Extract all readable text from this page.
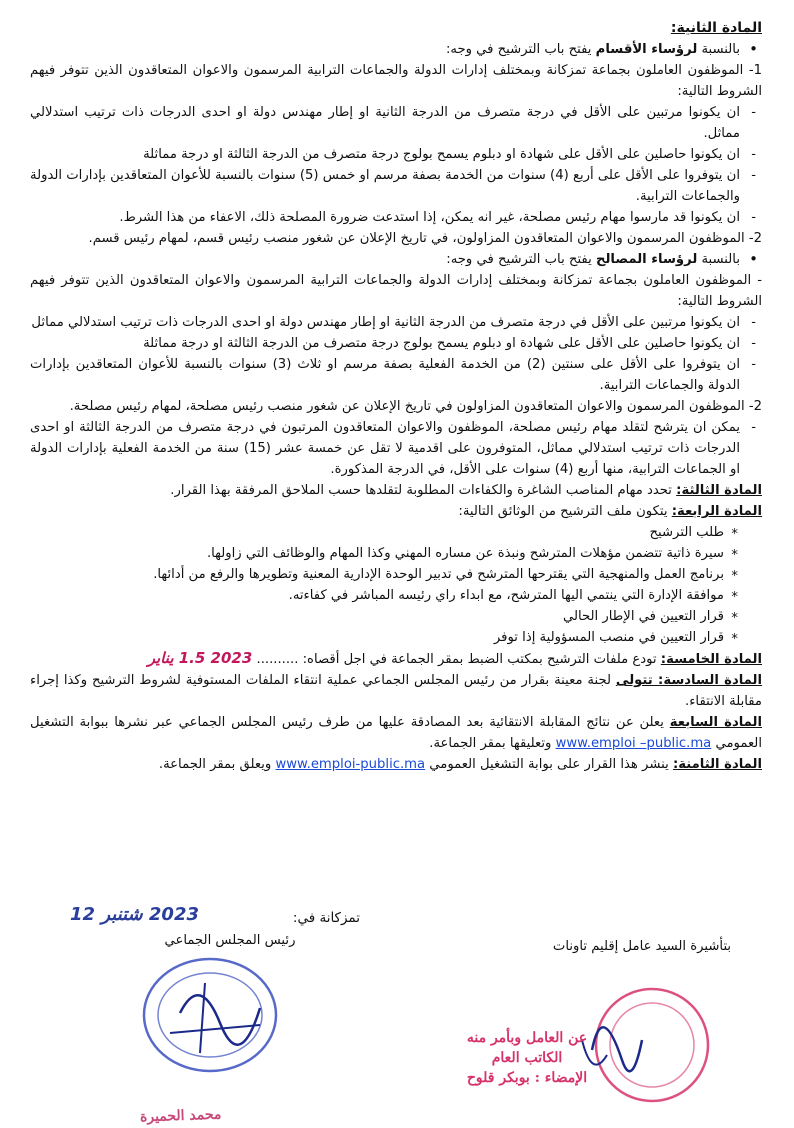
المادة الثانية:

• بالنسبة لرؤساء الأقسام يفتح باب الترشيح في وجه:

1- الموظفون العاملون بجماعة تمزكانة وبمختلف إدارات الدولة والجماعات الترابية المرسمون والاعوان المتعاقدون الذين تتوفر فيهم الشروط التالية:

- ان يكونوا مرتبين على الأقل في درجة متصرف من الدرجة الثانية او إطار مهندس دولة او احدى الدرجات ذات ترتيب استدلالي مماثل.

- ان يكونوا حاصلين على الأقل على شهادة او دبلوم يسمح بولوج درجة متصرف من الدرجة الثالثة او درجة مماثلة

- ان يتوفروا على الأقل على أربع (4) سنوات من الخدمة بصفة مرسم او خمس (5) سنوات بالنسبة للأعوان المتعاقدين بإدارات الدولة والجماعات الترابية.

- ان يكونوا قد مارسوا مهام رئيس مصلحة، غير انه يمكن، إذا استدعت ضرورة المصلحة ذلك، الاعفاء من هذا الشرط.

2- الموظفون المرسمون والاعوان المتعاقدون المزاولون، في تاريخ الإعلان عن شغور منصب رئيس قسم، لمهام رئيس قسم.

• بالنسبة لرؤساء المصالح يفتح باب الترشيح في وجه:

- الموظفون العاملون بجماعة تمزكانة وبمختلف إدارات الدولة والجماعات الترابية المرسمون والاعوان المتعاقدون الذين تتوفر فيهم الشروط التالية:

- ان يكونوا مرتبين على الأقل في درجة متصرف من الدرجة الثانية او إطار مهندس دولة او احدى الدرجات ذات ترتيب استدلالي مماثل

- ان يكونوا حاصلين على الأقل على شهادة او دبلوم يسمح بولوج درجة متصرف من الدرجة الثالثة او درجة مماثلة

- ان يتوفروا على الأقل على سنتين (2) من الخدمة الفعلية بصفة مرسم او ثلاث (3) سنوات بالنسبة للأعوان المتعاقدين بإدارات الدولة والجماعات الترابية.

2- الموظفون المرسمون والاعوان المتعاقدون المزاولون في تاريخ الإعلان عن شغور منصب رئيس مصلحة، لمهام رئيس مصلحة.

- يمكن ان يترشح لتقلد مهام رئيس مصلحة، الموظفون والاعوان المتعاقدون المرتبون في درجة متصرف من الدرجة الثالثة او احدى الدرجات ذات ترتيب استدلالي مماثل، المتوفرون على اقدمية لا تقل عن خمسة عشر (15) سنة من الخدمة الفعلية بإدارات الدولة او الجماعات الترابية، منها أربع (4) سنوات على الأقل، في الدرجة المذكورة.

المادة الثالثة: تحدد مهام المناصب الشاغرة والكفاءات المطلوبة لتقلدها حسب الملاحق المرفقة بهذا القرار.

المادة الرابعة: يتكون ملف الترشيح من الوثائق التالية:

* طلب الترشيح

* سيرة ذاتية تتضمن مؤهلات المترشح ونبذة عن مساره المهني وكذا المهام والوظائف التي زاولها.

* برنامج العمل والمنهجية التي يقترحها المترشح في تدبير الوحدة الإدارية المعنية وتطويرها والرفع من أدائها.

* موافقة الإدارة التي ينتمي اليها المترشح، مع ابداء راي رئيسه المباشر في كفاءته.

* قرار التعيين في الإطار الحالي

* قرار التعيين في منصب المسؤولية إذا توفر

المادة الخامسة: تودع ملفات الترشيح بمكتب الضبط بمقر الجماعة في اجل أقصاه: .......... 2023 1.5 يناير

المادة السادسة: تتولى لجنة معينة بقرار من رئيس المجلس الجماعي عملية انتقاء الملفات المستوفية لشروط الترشيح وكذا إجراء مقابلة الانتقاء.

المادة السابعة يعلن عن نتائج المقابلة الانتقائية بعد المصادقة عليها من طرف رئيس المجلس الجماعي عبر نشرها ببوابة التشغيل العمومي www.emploi –public.ma وتعليقها بمقر الجماعة.

المادة الثامنة: ينشر هذا القرار على بوابة التشغيل العمومي www.emploi-public.ma ويعلق بمقر الجماعة.

تمزكانة في:
2023 شتنبر 12
رئيس المجلس الجماعي	بتأشيرة السيد عامل إقليم تاونات
محمد الحميرة
عن العامل وبأمر منه
الكاتب العام
الإمضاء : بوبكر قلوح
